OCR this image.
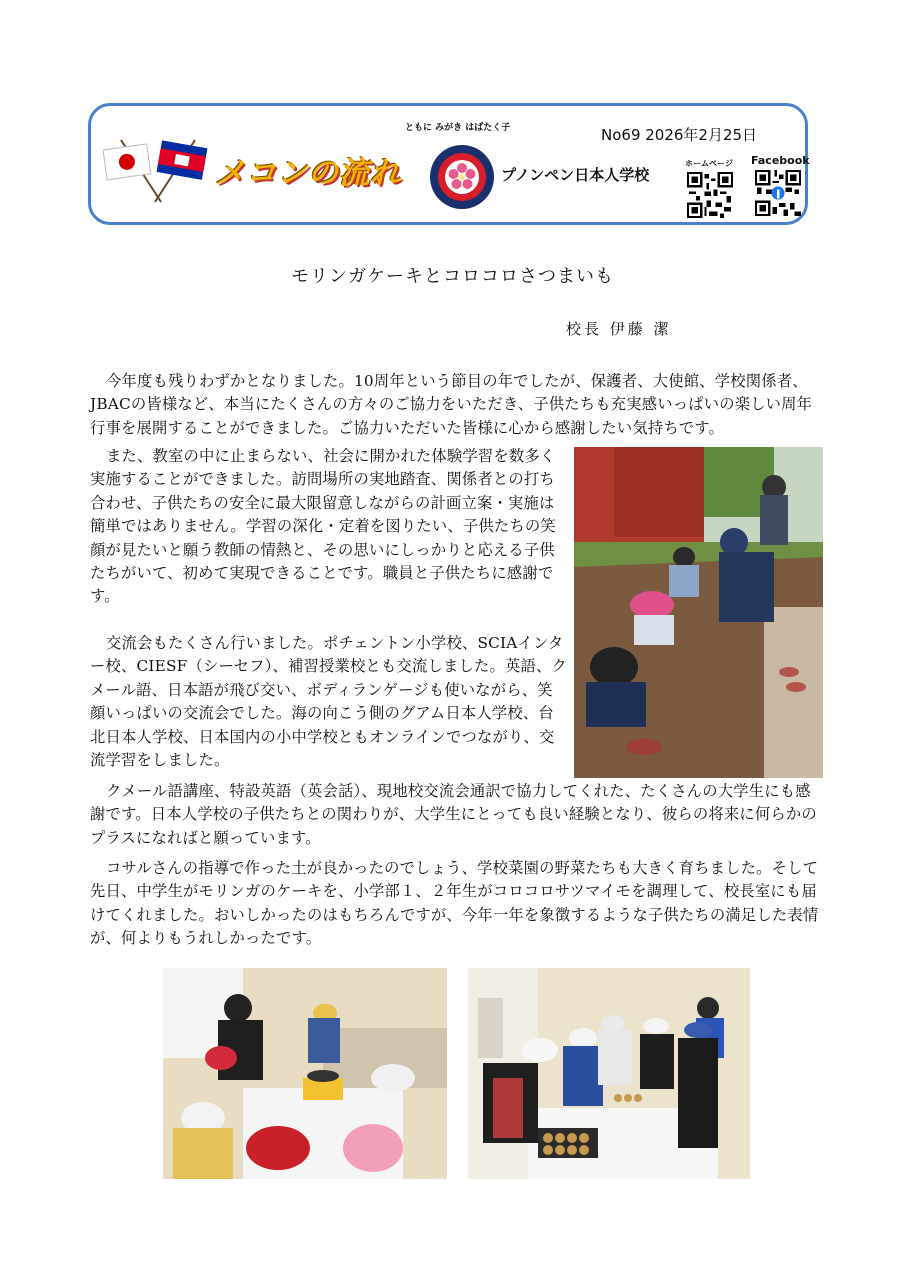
メコンの流れ
ともに みがき はばたく子
プノンペン日本人学校
No69 2026年2月25日
ホームページ Facebook
モリンガケーキとコロコロさつまいも
校長 伊藤 潔

今年度も残りわずかとなりました。10周年という節目の年でしたが、保護者、大使館、学校関係者、JBACの皆様など、本当にたくさんの方々のご協力をいただき、子供たちも充実感いっぱいの楽しい周年行事を展開することができました。ご協力いただいた皆様に心から感謝したい気持ちです。

また、教室の中に止まらない、社会に開かれた体験学習を数多く実施することができました。訪問場所の実地踏査、関係者との打ち合わせ、子供たちの安全に最大限留意しながらの計画立案・実施は簡単ではありません。学習の深化・定着を図りたい、子供たちの笑顔が見たいと願う教師の情熱と、その思いにしっかりと応える子供たちがいて、初めて実現できることです。職員と子供たちに感謝です。

交流会もたくさん行いました。ポチェントン小学校、SCIAインター校、CIESF（シーセフ）、補習授業校とも交流しました。英語、クメール語、日本語が飛び交い、ボディランゲージも使いながら、笑顔いっぱいの交流会でした。海の向こう側のグアム日本人学校、台北日本人学校、日本国内の小中学校ともオンラインでつながり、交流学習をしました。

クメール語講座、特設英語（英会話）、現地校交流会通訳で協力してくれた、たくさんの大学生にも感謝です。日本人学校の子供たちとの関わりが、大学生にとっても良い経験となり、彼らの将来に何らかのプラスになればと願っています。

コサルさんの指導で作った土が良かったのでしょう、学校菜園の野菜たちも大きく育ちました。そして先日、中学生がモリンガのケーキを、小学部１、２年生がコロコロサツマイモを調理して、校長室にも届けてくれました。おいしかったのはもちろんですが、今年一年を象徴するような子供たちの満足した表情が、何よりもうれしかったです。
